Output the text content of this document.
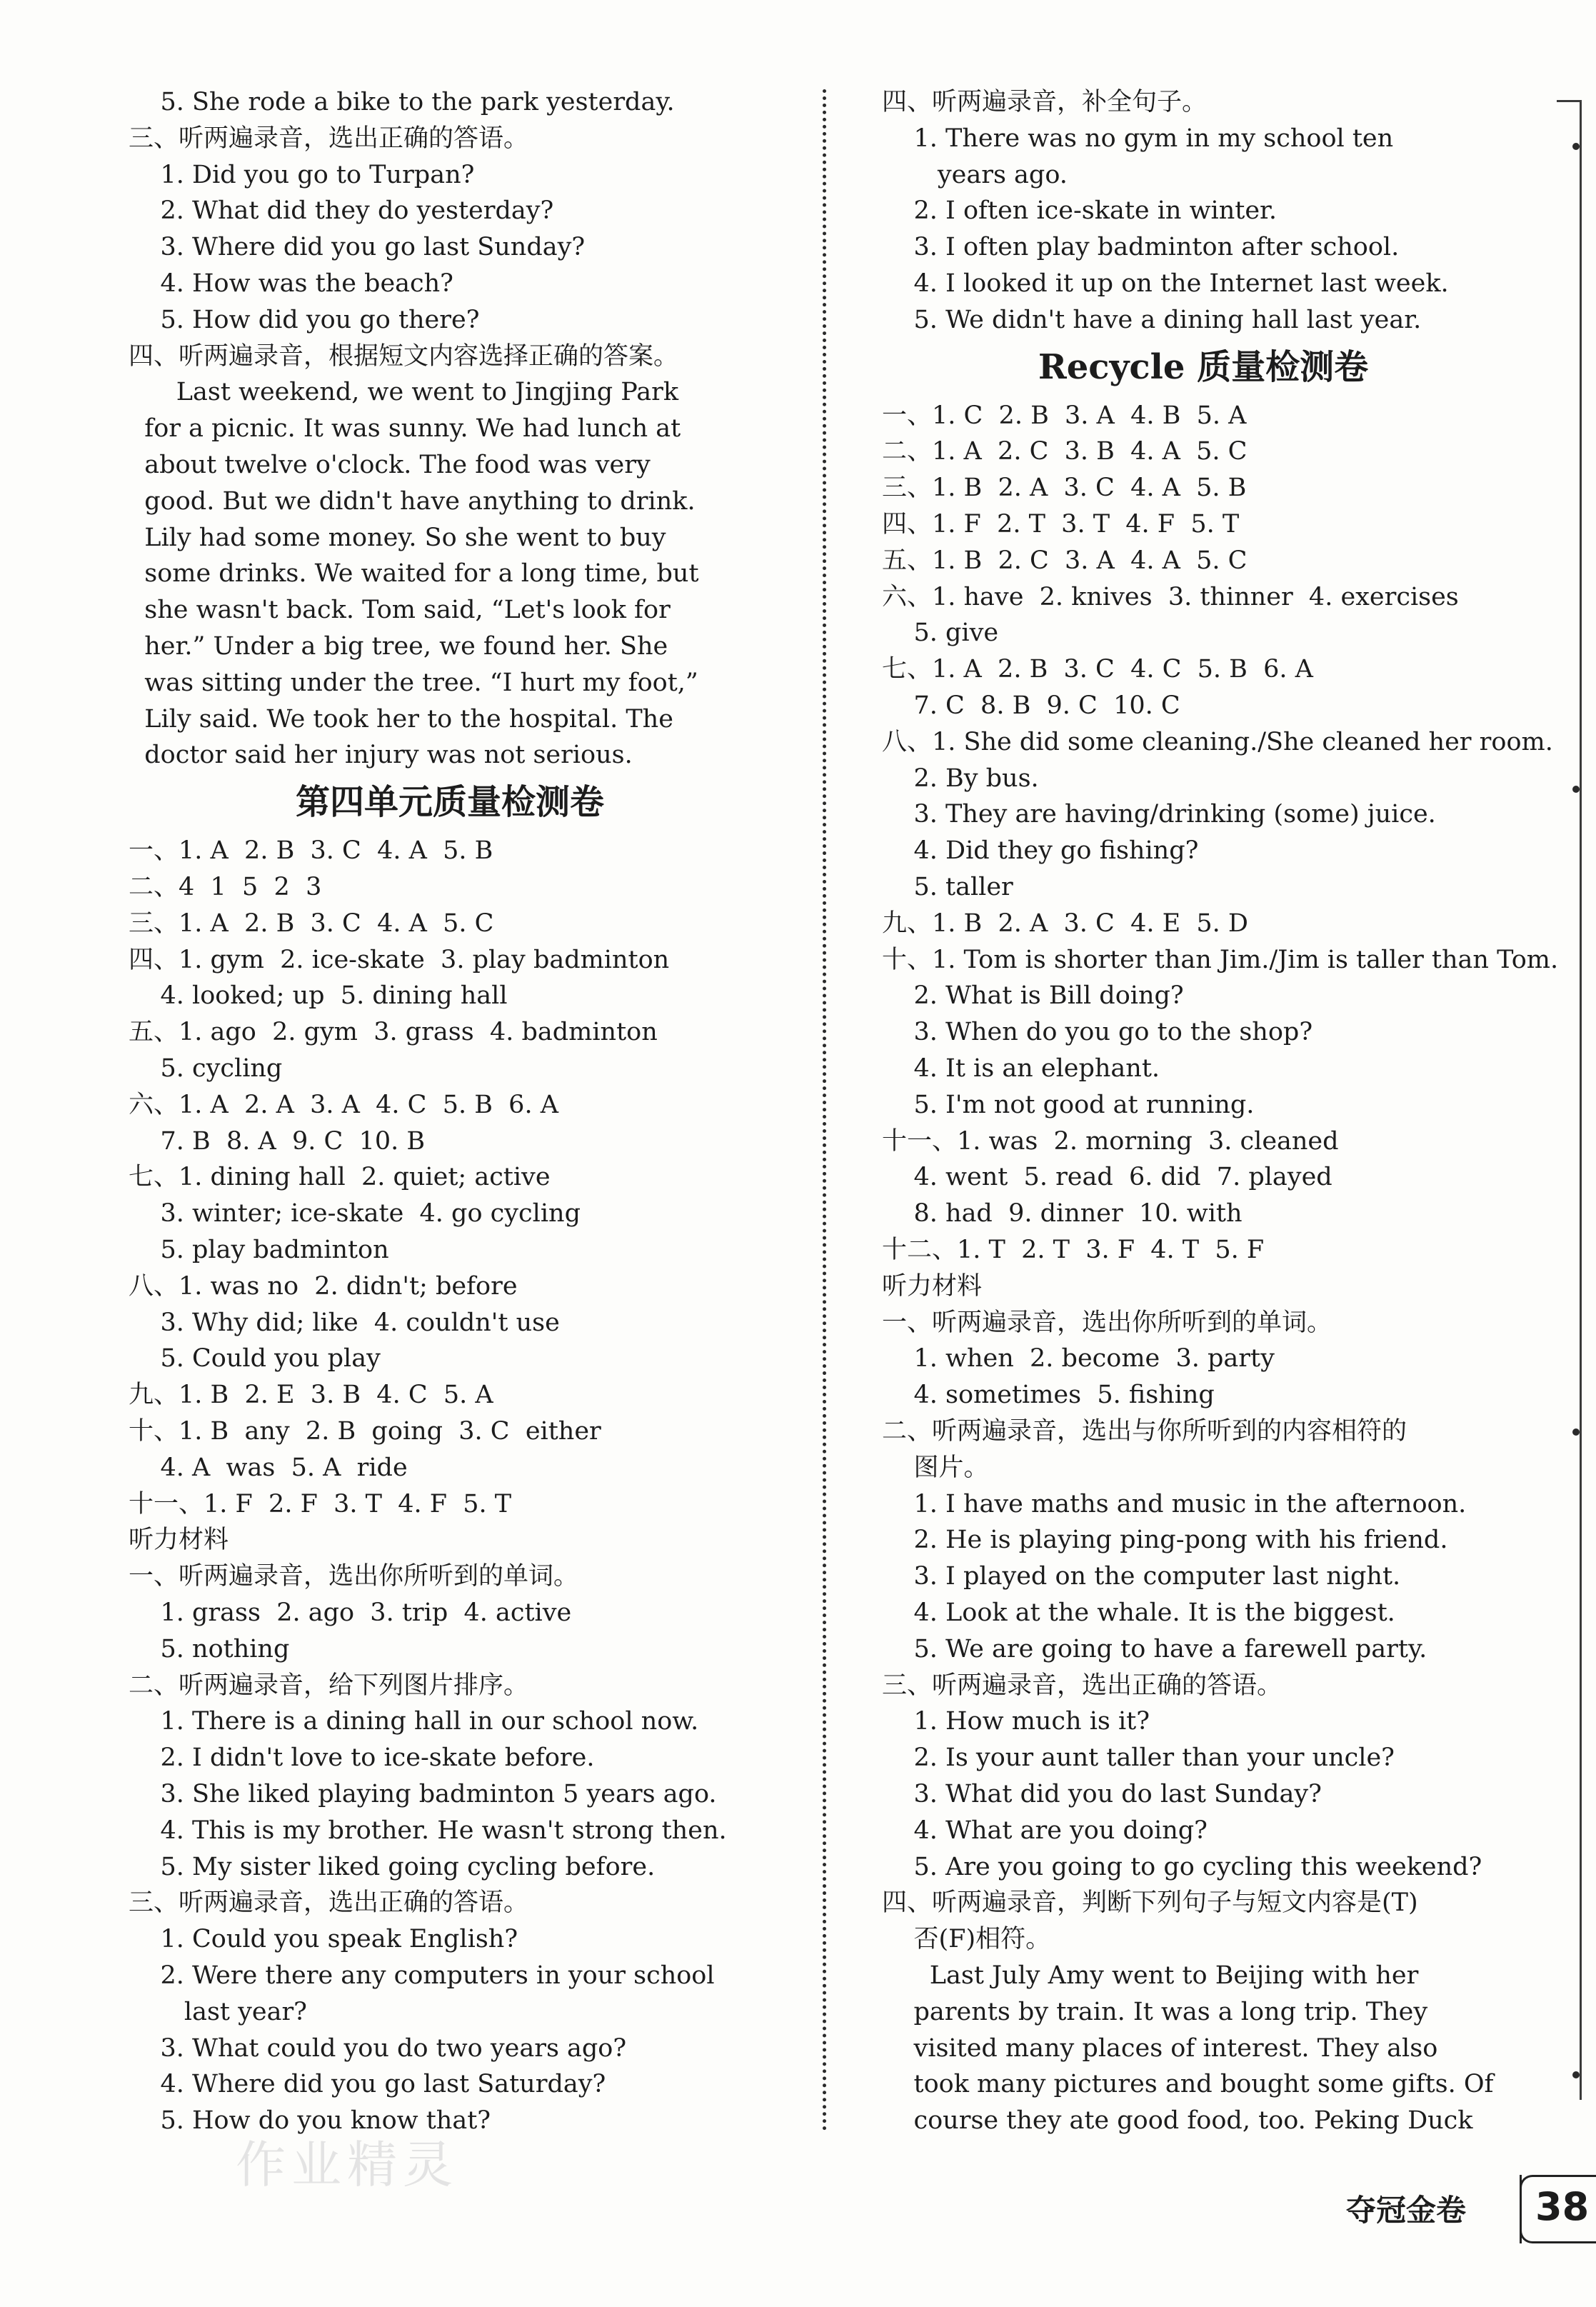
5. She rode a bike to the park yesterday.
三、听两遍录音，选出正确的答语。
1. Did you go to Turpan?
2. What did they do yesterday?
3. Where did you go last Sunday?
4. How was the beach?
5. How did you go there?
四、听两遍录音，根据短文内容选择正确的答案。
Last weekend, we went to Jingjing Park
for a picnic. It was sunny. We had lunch at
about twelve o'clock. The food was very
good. But we didn't have anything to drink.
Lily had some money. So she went to buy
some drinks. We waited for a long time, but
she wasn't back. Tom said, “Let's look for
her.” Under a big tree, we found her. She
was sitting under the tree. “I hurt my foot,”
Lily said. We took her to the hospital. The
doctor said her injury was not serious.
第四单元质量检测卷
一、1. A  2. B  3. C  4. A  5. B
二、4  1  5  2  3
三、1. A  2. B  3. C  4. A  5. C
四、1. gym  2. ice-skate  3. play badminton
4. looked; up  5. dining hall
五、1. ago  2. gym  3. grass  4. badminton
5. cycling
六、1. A  2. A  3. A  4. C  5. B  6. A
7. B  8. A  9. C  10. B
七、1. dining hall  2. quiet; active
3. winter; ice-skate  4. go cycling
5. play badminton
八、1. was no  2. didn't; before
3. Why did; like  4. couldn't use
5. Could you play
九、1. B  2. E  3. B  4. C  5. A
十、1. B  any  2. B  going  3. C  either
4. A  was  5. A  ride
十一、1. F  2. F  3. T  4. F  5. T
听力材料
一、听两遍录音，选出你所听到的单词。
1. grass  2. ago  3. trip  4. active
5. nothing
二、听两遍录音，给下列图片排序。
1. There is a dining hall in our school now.
2. I didn't love to ice-skate before.
3. She liked playing badminton 5 years ago.
4. This is my brother. He wasn't strong then.
5. My sister liked going cycling before.
三、听两遍录音，选出正确的答语。
1. Could you speak English?
2. Were there any computers in your school
last year?
3. What could you do two years ago?
4. Where did you go last Saturday?
5. How do you know that?
四、听两遍录音，补全句子。
1. There was no gym in my school ten
years ago.
2. I often ice-skate in winter.
3. I often play badminton after school.
4. I looked it up on the Internet last week.
5. We didn't have a dining hall last year.
Recycle 质量检测卷
一、1. C  2. B  3. A  4. B  5. A
二、1. A  2. C  3. B  4. A  5. C
三、1. B  2. A  3. C  4. A  5. B
四、1. F  2. T  3. T  4. F  5. T
五、1. B  2. C  3. A  4. A  5. C
六、1. have  2. knives  3. thinner  4. exercises
5. give
七、1. A  2. B  3. C  4. C  5. B  6. A
7. C  8. B  9. C  10. C
八、1. She did some cleaning./She cleaned her room.
2. By bus.
3. They are having/drinking (some) juice.
4. Did they go fishing?
5. taller
九、1. B  2. A  3. C  4. E  5. D
十、1. Tom is shorter than Jim./Jim is taller than Tom.
2. What is Bill doing?
3. When do you go to the shop?
4. It is an elephant.
5. I'm not good at running.
十一、1. was  2. morning  3. cleaned
4. went  5. read  6. did  7. played
8. had  9. dinner  10. with
十二、1. T  2. T  3. F  4. T  5. F
听力材料
一、听两遍录音，选出你所听到的单词。
1. when  2. become  3. party
4. sometimes  5. fishing
二、听两遍录音，选出与你所听到的内容相符的
图片。
1. I have maths and music in the afternoon.
2. He is playing ping-pong with his friend.
3. I played on the computer last night.
4. Look at the whale. It is the biggest.
5. We are going to have a farewell party.
三、听两遍录音，选出正确的答语。
1. How much is it?
2. Is your aunt taller than your uncle?
3. What did you do last Sunday?
4. What are you doing?
5. Are you going to go cycling this weekend?
四、听两遍录音，判断下列句子与短文内容是(T)
否(F)相符。
Last July Amy went to Beijing with her
parents by train. It was a long trip. They
visited many places of interest. They also
took many pictures and bought some gifts. Of
course they ate good food, too. Peking Duck
作业精灵
夺冠金卷 38
